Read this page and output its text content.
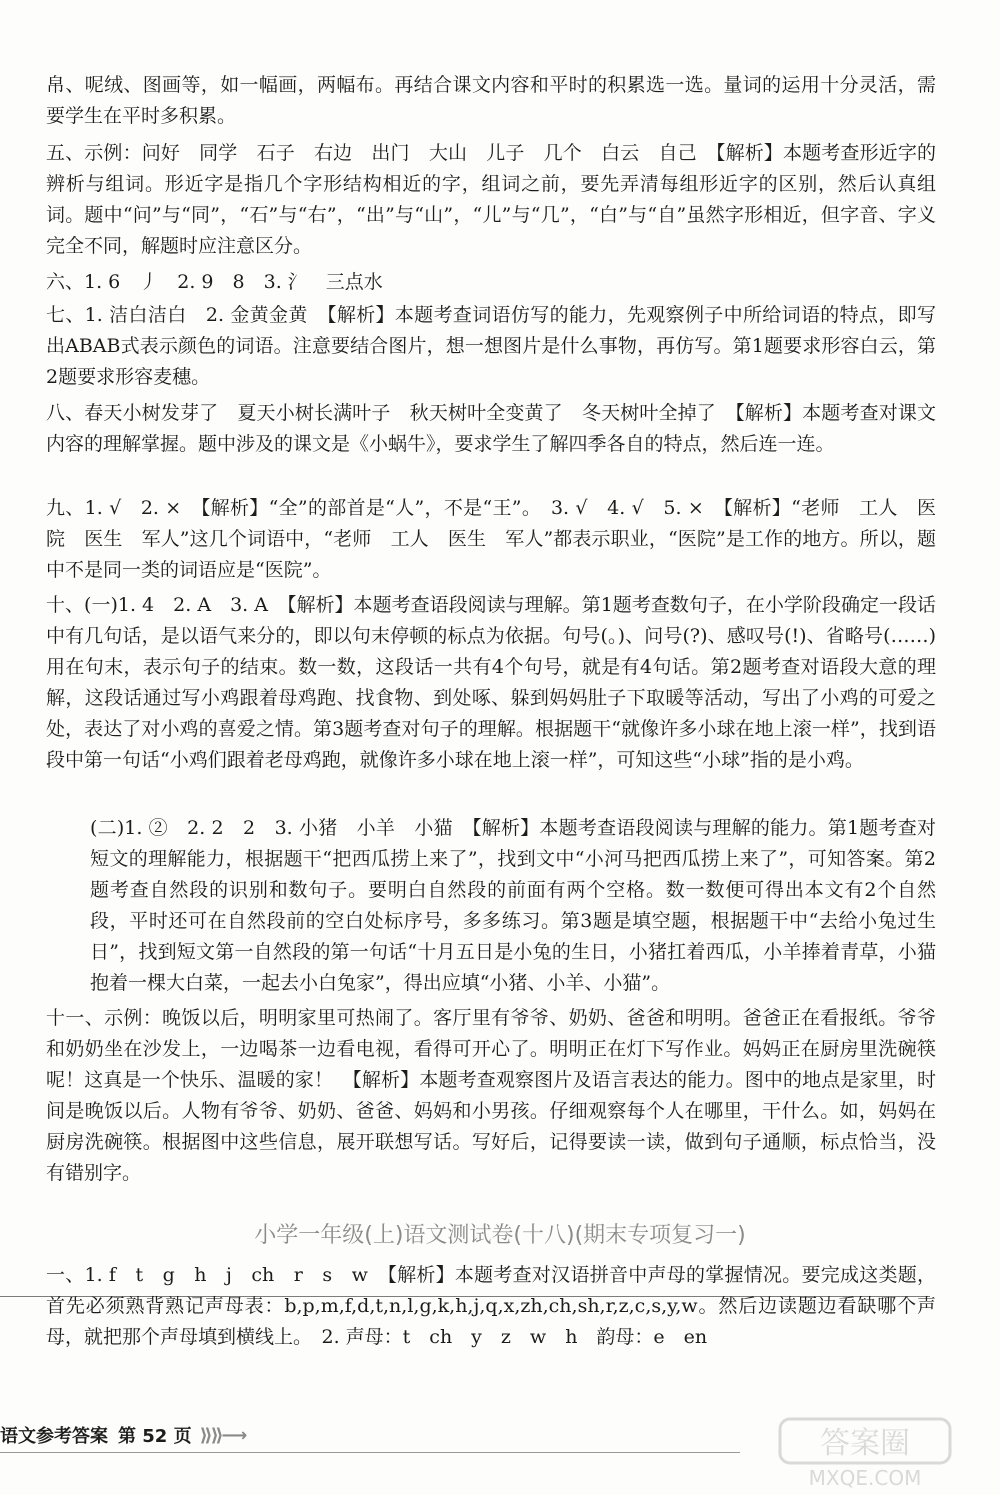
帛、呢绒、图画等，如一幅画，两幅布。再结合课文内容和平时的积累选一选。量词的运用十分灵活，需要学生在平时多积累。
五、示例：问好　同学　石子　右边　出门　大山　儿子　几个　白云　自己　【解析】本题考查形近字的辨析与组词。形近字是指几个字形结构相近的字，组词之前，要先弄清每组形近字的区别，然后认真组词。题中“问”与“同”，“石”与“右”，“出”与“山”，“儿”与“几”，“白”与“自”虽然字形相近，但字音、字义完全不同，解题时应注意区分。
六、1. 6　丿　2. 9　8　3. 氵　三点水
七、1. 洁白洁白　2. 金黄金黄　【解析】本题考查词语仿写的能力，先观察例子中所给词语的特点，即写出ABAB式表示颜色的词语。注意要结合图片，想一想图片是什么事物，再仿写。第1题要求形容白云，第2题要求形容麦穗。
八、春天小树发芽了　夏天小树长满叶子　秋天树叶全变黄了　冬天树叶全掉了　【解析】本题考查对课文内容的理解掌握。题中涉及的课文是《小蜗牛》，要求学生了解四季各自的特点，然后连一连。
九、1. √　2. ×　【解析】“全”的部首是“人”，不是“王”。　3. √　4. √　5. ×　【解析】“老师　工人　医院　医生　军人”这几个词语中，“老师　工人　医生　军人”都表示职业，“医院”是工作的地方。所以，题中不是同一类的词语应是“医院”。
十、(一)1. 4　2. A　3. A　【解析】本题考查语段阅读与理解。第1题考查数句子，在小学阶段确定一段话中有几句话，是以语气来分的，即以句末停顿的标点为依据。句号(。)、问号(?)、感叹号(!)、省略号(……)用在句末，表示句子的结束。数一数，这段话一共有4个句号，就是有4句话。第2题考查对语段大意的理解，这段话通过写小鸡跟着母鸡跑、找食物、到处啄、躲到妈妈肚子下取暖等活动，写出了小鸡的可爱之处，表达了对小鸡的喜爱之情。第3题考查对句子的理解。根据题干“就像许多小球在地上滚一样”，找到语段中第一句话“小鸡们跟着老母鸡跑，就像许多小球在地上滚一样”，可知这些“小球”指的是小鸡。
(二)1. ②　2. 2　2　3. 小猪　小羊　小猫　【解析】本题考查语段阅读与理解的能力。第1题考查对短文的理解能力，根据题干“把西瓜捞上来了”，找到文中“小河马把西瓜捞上来了”，可知答案。第2题考查自然段的识别和数句子。要明白自然段的前面有两个空格。数一数便可得出本文有2个自然段，平时还可在自然段前的空白处标序号，多多练习。第3题是填空题，根据题干中“去给小兔过生日”，找到短文第一自然段的第一句话“十月五日是小兔的生日，小猪扛着西瓜，小羊捧着青草，小猫抱着一棵大白菜，一起去小白兔家”，得出应填“小猪、小羊、小猫”。
十一、示例：晚饭以后，明明家里可热闹了。客厅里有爷爷、奶奶、爸爸和明明。爸爸正在看报纸。爷爷和奶奶坐在沙发上，一边喝茶一边看电视，看得可开心了。明明正在灯下写作业。妈妈正在厨房里洗碗筷呢！这真是一个快乐、温暖的家！　【解析】本题考查观察图片及语言表达的能力。图中的地点是家里，时间是晚饭以后。人物有爷爷、奶奶、爸爸、妈妈和小男孩。仔细观察每个人在哪里，干什么。如，妈妈在厨房洗碗筷。根据图中这些信息，展开联想写话。写好后，记得要读一读，做到句子通顺，标点恰当，没有错别字。
小学一年级(上)语文测试卷(十八)(期末专项复习一)
一、1. f　t　g　h　j　ch　r　s　w　【解析】本题考查对汉语拼音中声母的掌握情况。要完成这类题，首先必须熟背熟记声母表：b,p,m,f,d,t,n,l,g,k,h,j,q,x,zh,ch,sh,r,z,c,s,y,w。然后边读题边看缺哪个声母，就把那个声母填到横线上。　2. 声母：t　ch　y　z　w　h　韵母：e　en
语文参考答案 第 52 页 ⟫⟫⟶	答案圈
MXQE.COM
